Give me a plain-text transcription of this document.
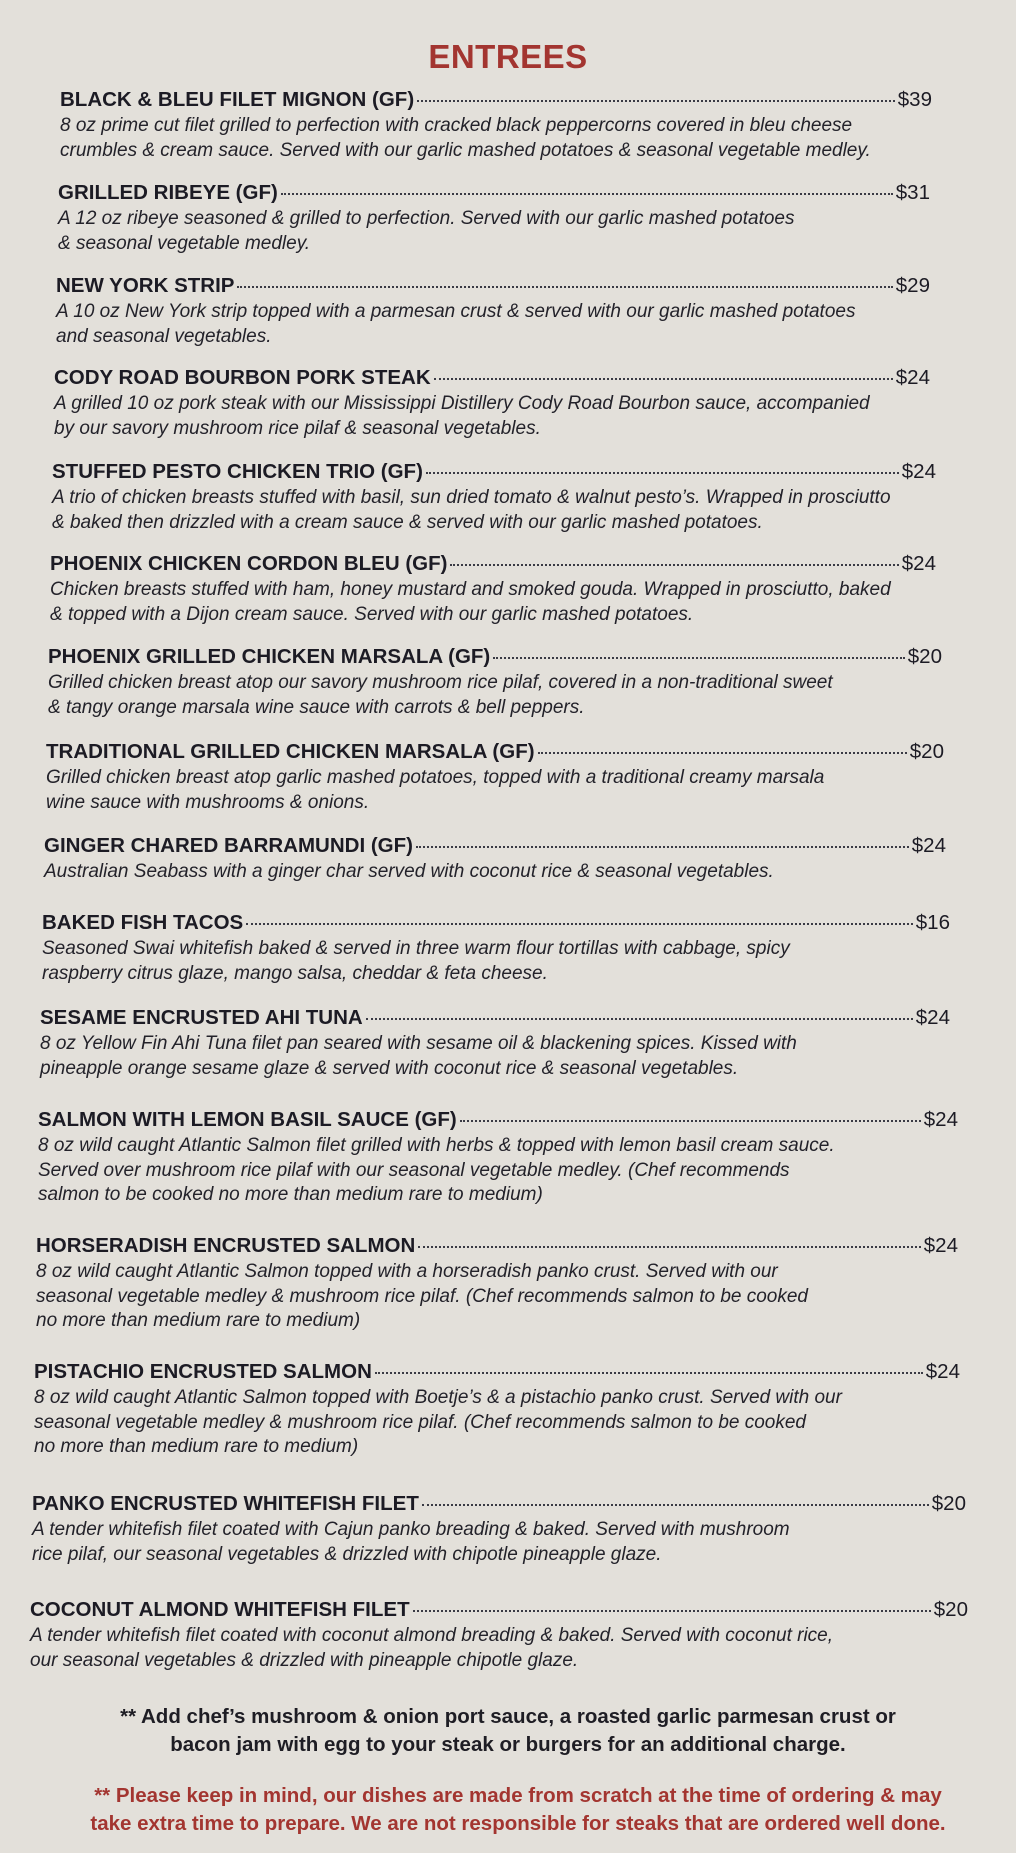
ENTREES
BLACK & BLEU FILET MIGNON (GF)	$39
8 oz prime cut filet grilled to perfection with cracked black peppercorns covered in bleu cheese
crumbles & cream sauce. Served with our garlic mashed potatoes & seasonal vegetable medley.
GRILLED RIBEYE (GF)	$31
A 12 oz ribeye seasoned & grilled to perfection. Served with our garlic mashed potatoes
& seasonal vegetable medley.
NEW YORK STRIP	$29
A 10 oz New York strip topped with a parmesan crust & served with our garlic mashed potatoes
and seasonal vegetables.
CODY ROAD BOURBON PORK STEAK	$24
A grilled 10 oz pork steak with our Mississippi Distillery Cody Road Bourbon sauce, accompanied
by our savory mushroom rice pilaf & seasonal vegetables.
STUFFED PESTO CHICKEN TRIO (GF)	$24
A trio of chicken breasts stuffed with basil, sun dried tomato & walnut pesto’s. Wrapped in prosciutto
& baked then drizzled with a cream sauce & served with our garlic mashed potatoes.
PHOENIX CHICKEN CORDON BLEU (GF)	$24
Chicken breasts stuffed with ham, honey mustard and smoked gouda. Wrapped in prosciutto, baked
& topped with a Dijon cream sauce. Served with our garlic mashed potatoes.
PHOENIX GRILLED CHICKEN MARSALA (GF)	$20
Grilled chicken breast atop our savory mushroom rice pilaf, covered in a non-traditional sweet
& tangy orange marsala wine sauce with carrots & bell peppers.
TRADITIONAL GRILLED CHICKEN MARSALA (GF)	$20
Grilled chicken breast atop garlic mashed potatoes, topped with a traditional creamy marsala
wine sauce with mushrooms & onions.
GINGER CHARED BARRAMUNDI (GF)	$24
Australian Seabass with a ginger char served with coconut rice & seasonal vegetables.
BAKED FISH TACOS	$16
Seasoned Swai whitefish baked & served in three warm flour tortillas with cabbage, spicy
raspberry citrus glaze, mango salsa, cheddar & feta cheese.
SESAME ENCRUSTED AHI TUNA	$24
8 oz Yellow Fin Ahi Tuna filet pan seared with sesame oil & blackening spices. Kissed with
pineapple orange sesame glaze & served with coconut rice & seasonal vegetables.
SALMON WITH LEMON BASIL SAUCE (GF)	$24
8 oz wild caught Atlantic Salmon filet grilled with herbs & topped with lemon basil cream sauce.
Served over mushroom rice pilaf with our seasonal vegetable medley. (Chef recommends
salmon to be cooked no more than medium rare to medium)
HORSERADISH ENCRUSTED SALMON	$24
8 oz wild caught Atlantic Salmon topped with a horseradish panko crust. Served with our
seasonal vegetable medley & mushroom rice pilaf. (Chef recommends salmon to be cooked
no more than medium rare to medium)
PISTACHIO ENCRUSTED SALMON	$24
8 oz wild caught Atlantic Salmon topped with Boetje’s & a pistachio panko crust. Served with our
seasonal vegetable medley & mushroom rice pilaf. (Chef recommends salmon to be cooked
no more than medium rare to medium)
PANKO ENCRUSTED WHITEFISH FILET	$20
A tender whitefish filet coated with Cajun panko breading & baked. Served with mushroom
rice pilaf, our seasonal vegetables & drizzled with chipotle pineapple glaze.
COCONUT ALMOND WHITEFISH FILET	$20
A tender whitefish filet coated with coconut almond breading & baked. Served with coconut rice,
our seasonal vegetables & drizzled with pineapple chipotle glaze.
** Add chef’s mushroom & onion port sauce, a roasted garlic parmesan crust or
bacon jam with egg to your steak or burgers for an additional charge.
** Please keep in mind, our dishes are made from scratch at the time of ordering & may
take extra time to prepare. We are not responsible for steaks that are ordered well done.
